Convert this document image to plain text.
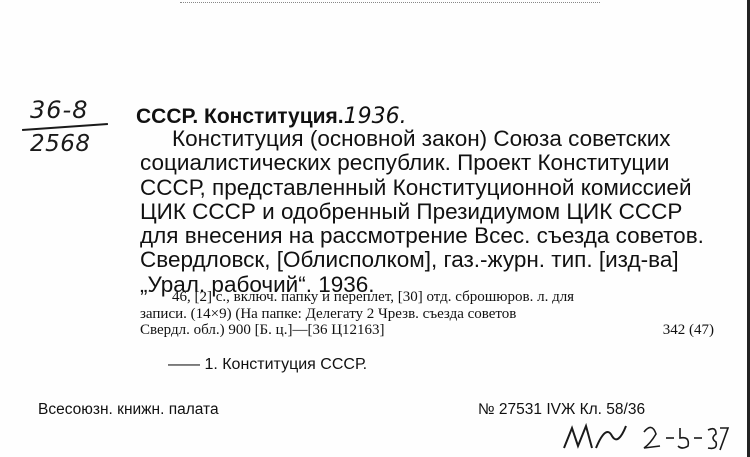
36-8
2568
СССР. Конституция.1936.
Конституция (основной закон) Союза советских
социалистических республик. Проект Конституции
СССР, представленный Конституционной комиссией
ЦИК СССР и одобренный Президиумом ЦИК СССР
для внесения на рассмотрение Всес. съезда советов.
Свердловск, [Облисполком], газ.-журн. тип. [изд-ва]
„Урал. рабочий“. 1936.
46, [2] с., включ. папку и переплет, [30] отд. сброшюров. л. для
записи. (14×9) (На папке: Делегату 2 Чрезв. съезда советов
Свердл. обл.) 900 [Б. ц.]—[36 Ц12163]	342 (47)
—— 1. Конституция СССР.
Всесоюзн. книжн. палата	№ 27531 IVЖ Кл. 58/36
